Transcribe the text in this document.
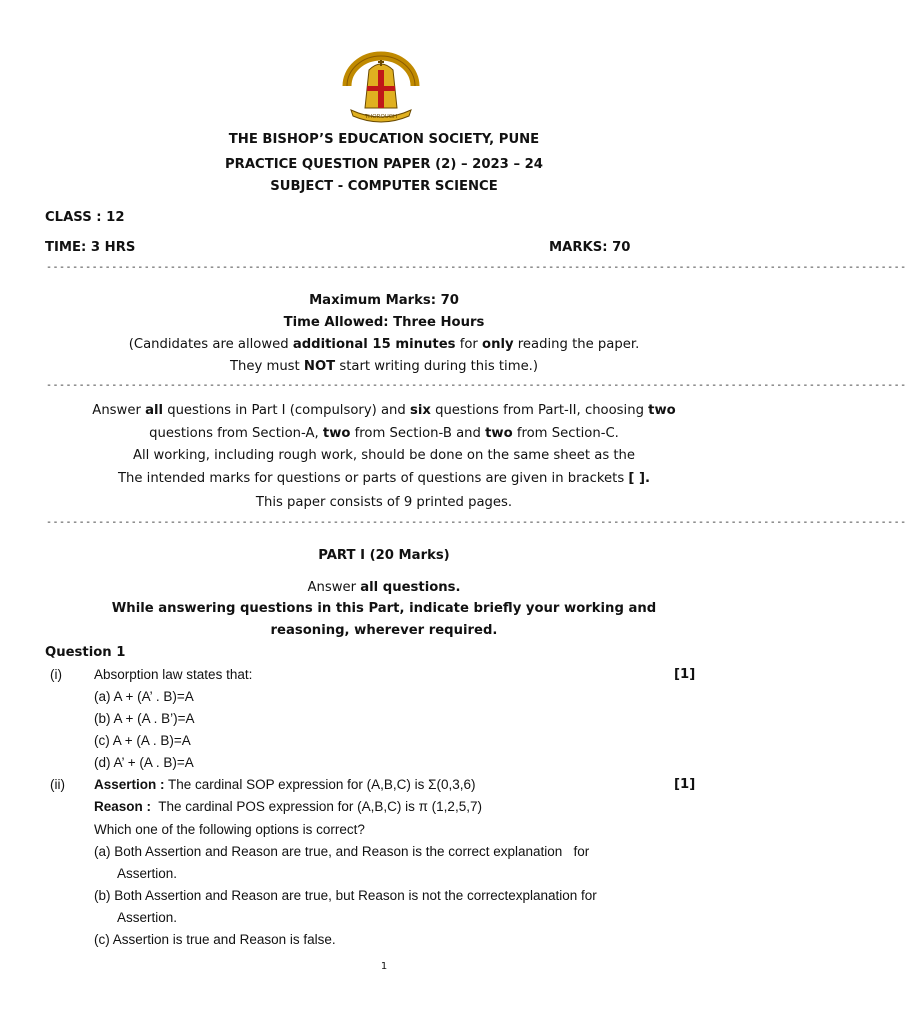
THOROUGH
THE BISHOP’S EDUCATION SOCIETY, PUNE
PRACTICE QUESTION PAPER (2) – 2023 – 24
SUBJECT - COMPUTER SCIENCE
CLASS : 12
TIME: 3 HRS	MARKS: 70
------------------------------------------------------------------------------------------------------------------------------------
Maximum Marks: 70
Time Allowed: Three Hours
(Candidates are allowed additional 15 minutes for only reading the paper.
They must NOT start writing during this time.)
------------------------------------------------------------------------------------------------------------------------------------
Answer all questions in Part I (compulsory) and six questions from Part-II, choosing two
questions from Section-A, two from Section-B and two from Section-C.
All working, including rough work, should be done on the same sheet as the
The intended marks for questions or parts of questions are given in brackets [ ].
This paper consists of 9 printed pages.
------------------------------------------------------------------------------------------------------------------------------------
PART I (20 Marks)
Answer all questions.
While answering questions in this Part, indicate briefly your working and
reasoning, wherever required.
Question 1
(i) Absorption law states that:	[1]
(a) A + (A’ . B)=A
(b) A + (A . B’)=A
(c) A + (A . B)=A
(d) A’ + (A . B)=A
(ii) Assertion : The cardinal SOP expression for (A,B,C) is Σ(0,3,6)	[1]
Reason :  The cardinal POS expression for (A,B,C) is π (1,2,5,7)
Which one of the following options is correct?
(a) Both Assertion and Reason are true, and Reason is the correct explanation   for
Assertion.
(b) Both Assertion and Reason are true, but Reason is not the correctexplanation for
Assertion.
(c) Assertion is true and Reason is false.
1
